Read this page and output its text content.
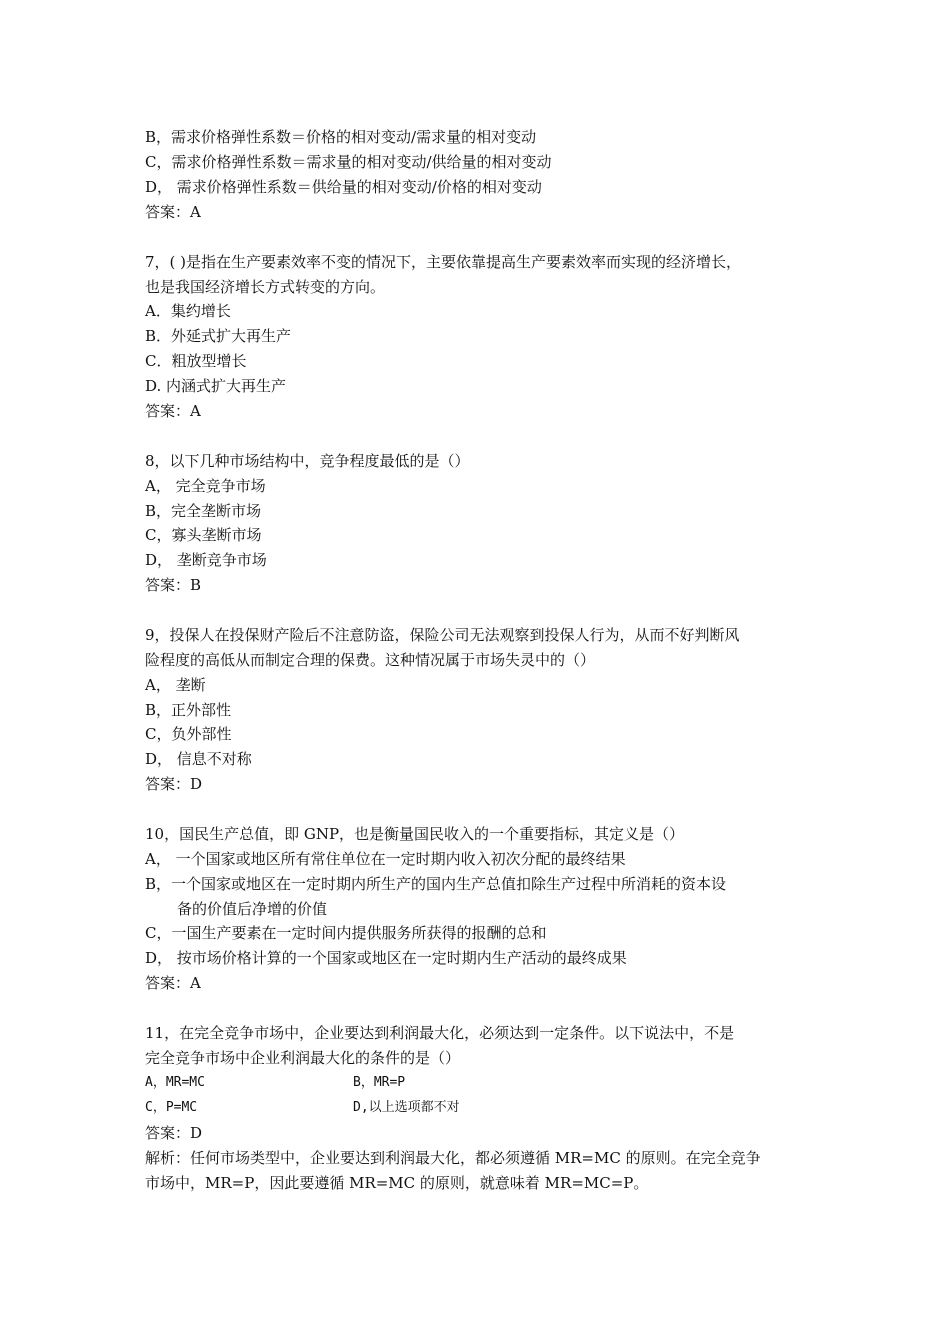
B，需求价格弹性系数＝价格的相对变动/需求量的相对变动
C，需求价格弹性系数＝需求量的相对变动/供给量的相对变动
D， 需求价格弹性系数＝供给量的相对变动/价格的相对变动
答案：A
7，( )是指在生产要素效率不变的情况下，主要依靠提高生产要素效率而实现的经济增长，
也是我国经济增长方式转变的方向。
A．集约增长
B．外延式扩大再生产
C．粗放型增长
D. 内涵式扩大再生产
答案：A
8，以下几种市场结构中，竞争程度最低的是（）
A， 完全竞争市场
B，完全垄断市场
C，寡头垄断市场
D， 垄断竞争市场
答案：B
9，投保人在投保财产险后不注意防盗，保险公司无法观察到投保人行为，从而不好判断风
险程度的高低从而制定合理的保费。这种情况属于市场失灵中的（）
A， 垄断
B，正外部性
C，负外部性
D， 信息不对称
答案：D
10，国民生产总值，即 GNP，也是衡量国民收入的一个重要指标，其定义是（）
A， 一个国家或地区所有常住单位在一定时期内收入初次分配的最终结果
B，一个国家或地区在一定时期内所生产的国内生产总值扣除生产过程中所消耗的资本设
备的价值后净增的价值
C，一国生产要素在一定时间内提供服务所获得的报酬的总和
D， 按市场价格计算的一个国家或地区在一定时期内生产活动的最终成果
答案：A
11，在完全竞争市场中，企业要达到利润最大化，必须达到一定条件。以下说法中，不是
完全竞争市场中企业利润最大化的条件的是（）
A，MR=MC	B，MR=P
C，P=MC	D,以上选项都不对
答案：D
解析：任何市场类型中，企业要达到利润最大化，都必须遵循 MR=MC 的原则。在完全竞争
市场中，MR=P，因此要遵循 MR=MC 的原则，就意味着 MR=MC=P。
